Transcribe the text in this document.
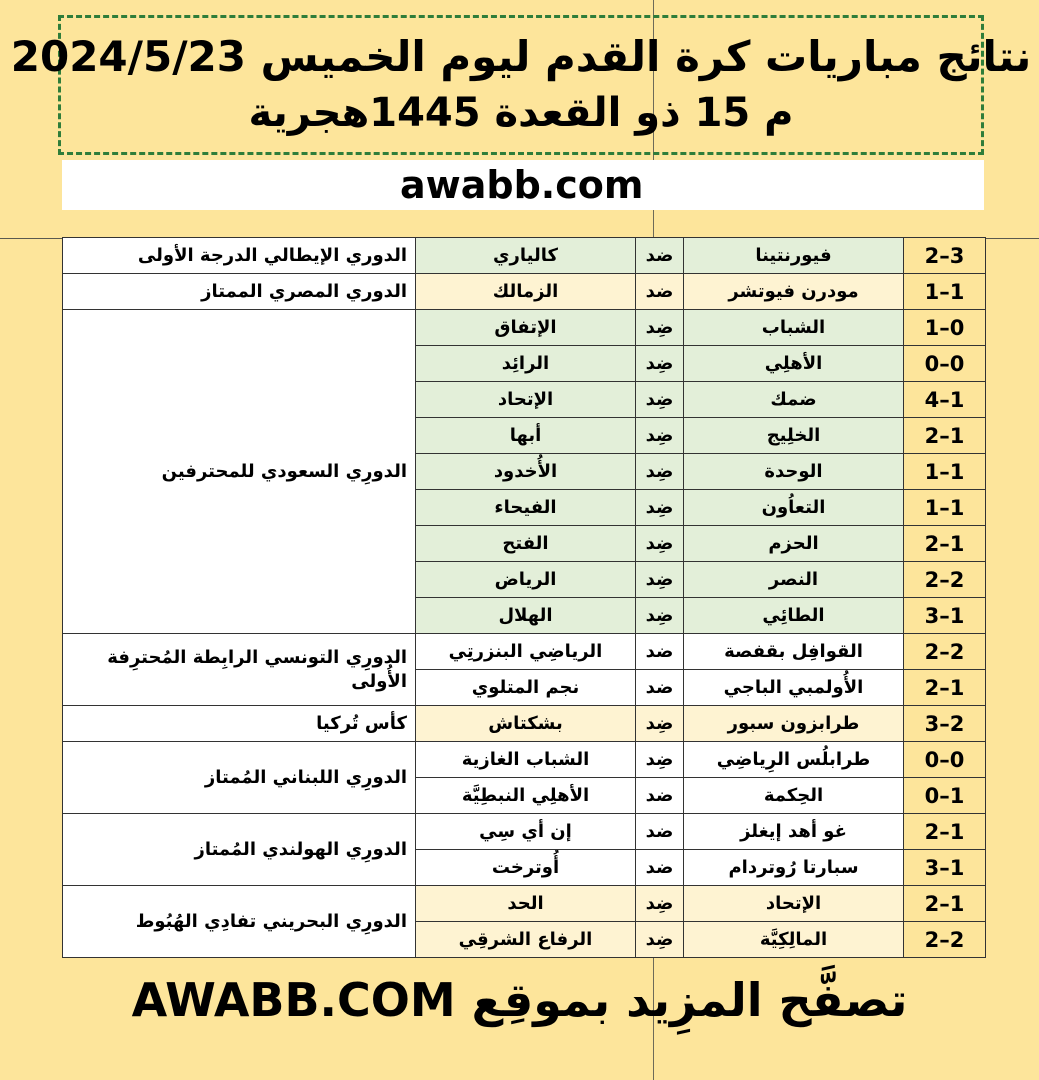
نتائج مباريات كرة القدم ليوم الخميس 2024/5/23
م 15 ذو القعدة 1445هجرية
awabb.com
3–2	فيورنتينا	ضد	كالياري	الدوري الإيطالي الدرجة الأولى
1–1	مودرن فيوتشر	ضد	الزمالك	الدوري المصري الممتاز
0–1	الشباب	ضِد	الإتفاق	الدورِي السعودي للمحترفين
0–0	الأهلِي	ضِد	الرائِد	
1–4	ضمك	ضِد	الإتحاد	
1–2	الخلِيج	ضِد	أبها	
1–1	الوحدة	ضِد	الأُخدود	
1–1	التعاُون	ضِد	الفيحاء	
1–2	الحزم	ضِد	الفتح	
2–2	النصر	ضِد	الرياض	
1–3	الطائِي	ضِد	الهلال	
2–2	القوافِل بقفصة	ضد	الرياضِي البنزرتِي	الدورِي التونسي الرابِطة المُحترِفة الأُولى
1–2	الأُولمبي الباجي	ضد	نجم المتلوي	
2–3	طرابزون سبور	ضِد	بشكتاش	كأس تُركيا
0–0	طرابلُس الرِياضِي	ضِد	الشباب الغازية	الدورِي اللبناني المُمتاز
1–0	الحِكمة	ضد	الأهلِي النبطِيَّة	
1–2	غو أهد إيغلز	ضد	إن أي سِي	الدورِي الهولندي المُمتاز
1–3	سبارتا رُوتردام	ضد	أُوترخت	
1–2	الإتحاد	ضِد	الحد	الدورِي البحريني تفادِي الهُبُوط
2–2	المالِكِيَّة	ضِد	الرفاع الشرقِي	
تصفَّح المزِيد بموقِع AWABB.COM
